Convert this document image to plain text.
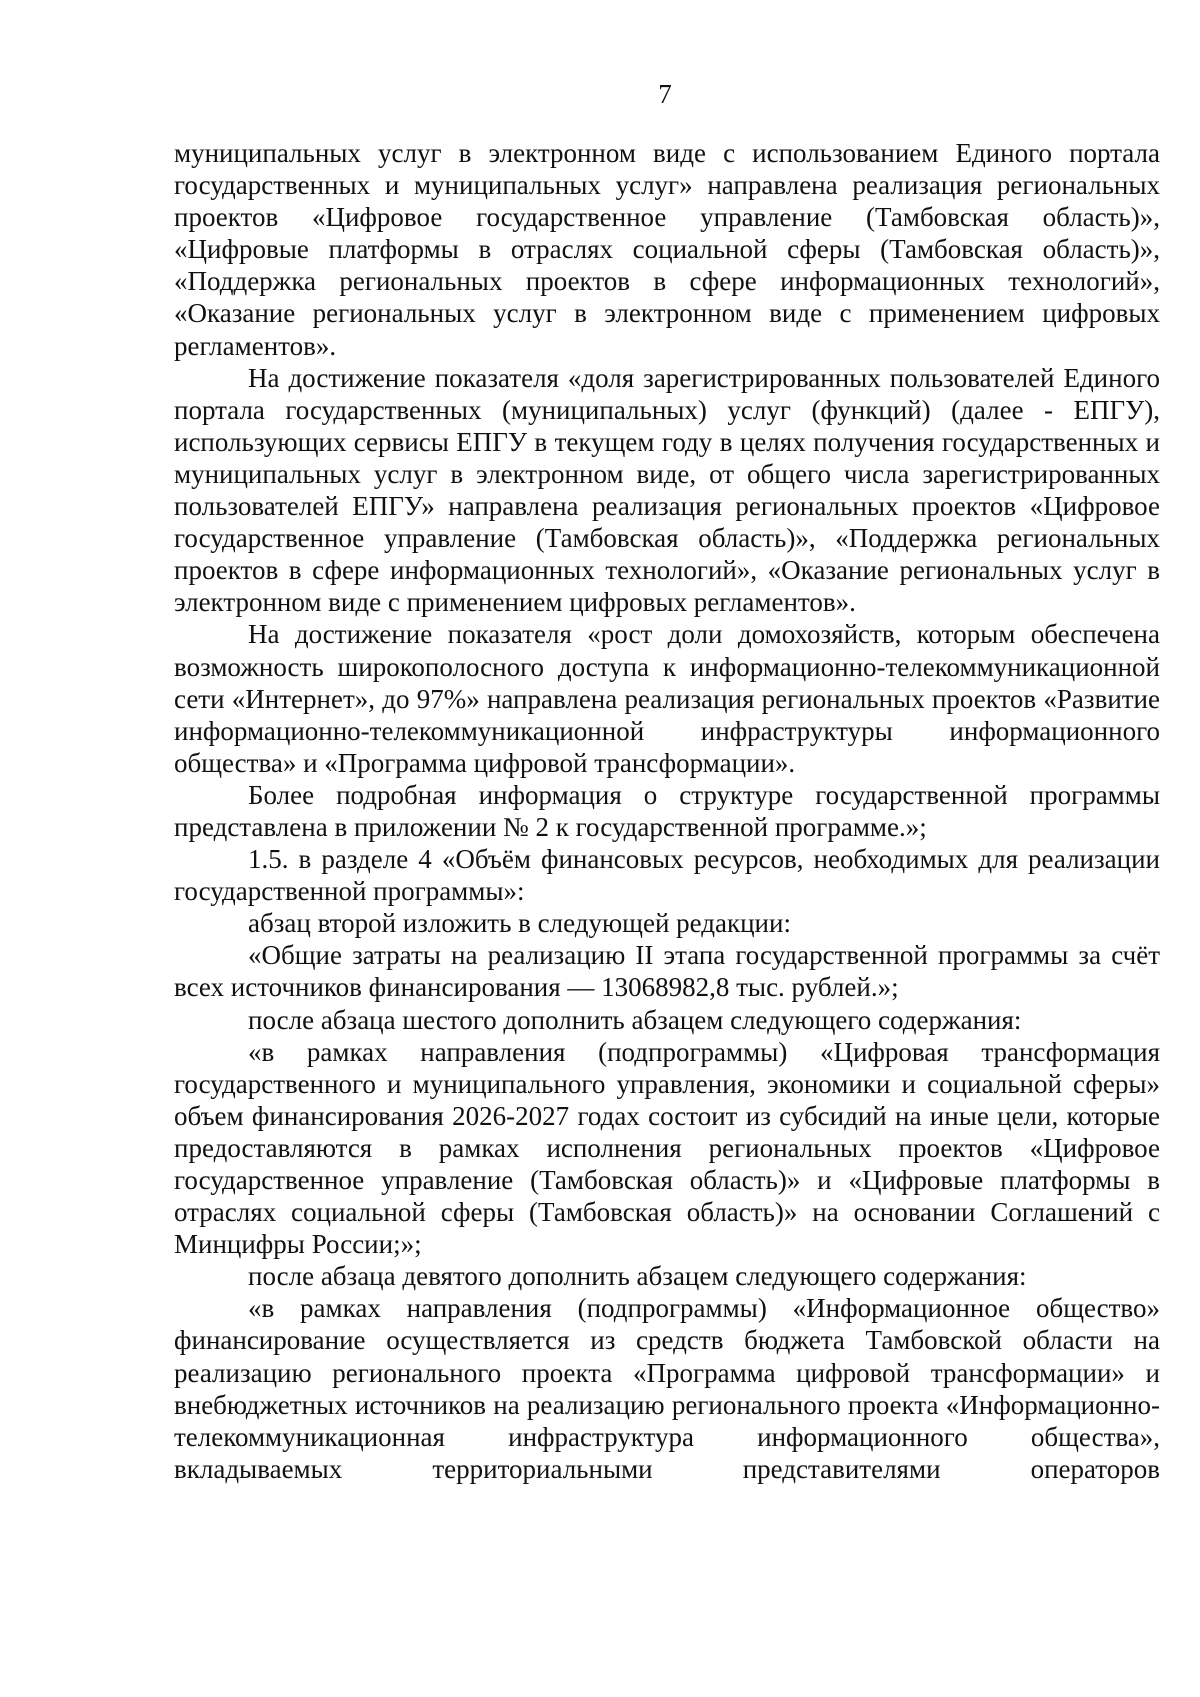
7

муниципальных услуг в электронном виде с использованием Единого портала государственных и муниципальных услуг» направлена реализация региональных проектов «Цифровое государственное управление (Тамбовская область)», «Цифровые платформы в отраслях социальной сферы (Тамбовская область)», «Поддержка региональных проектов в сфере информационных технологий», «Оказание региональных услуг в электронном виде с применением цифровых регламентов».

На достижение показателя «доля зарегистрированных пользователей Единого портала государственных (муниципальных) услуг (функций) (далее - ЕПГУ), использующих сервисы ЕПГУ в текущем году в целях получения государственных и муниципальных услуг в электронном виде, от общего числа зарегистрированных пользователей ЕПГУ» направлена реализация региональных проектов «Цифровое государственное управление (Тамбовская область)», «Поддержка региональных проектов в сфере информационных технологий», «Оказание региональных услуг в электронном виде с применением цифровых регламентов».

На достижение показателя «рост доли домохозяйств, которым обеспечена возможность широкополосного доступа к информационно-телекоммуникационной сети «Интернет», до 97%» направлена реализация региональных проектов «Развитие информационно-телекоммуникационной инфраструктуры информационного общества» и «Программа цифровой трансформации».

Более подробная информация о структуре государственной программы представлена в приложении № 2 к государственной программе.»;

1.5. в разделе 4 «Объём финансовых ресурсов, необходимых для реализации государственной программы»:

абзац второй изложить в следующей редакции:

«Общие затраты на реализацию II этапа государственной программы за счёт всех источников финансирования — 13068982,8 тыс. рублей.»;

после абзаца шестого дополнить абзацем следующего содержания:

«в рамках направления (подпрограммы) «Цифровая трансформация государственного и муниципального управления, экономики и социальной сферы» объем финансирования 2026-2027 годах состоит из субсидий на иные цели, которые предоставляются в рамках исполнения региональных проектов «Цифровое государственное управление (Тамбовская область)» и «Цифровые платформы в отраслях социальной сферы (Тамбовская область)» на основании Соглашений с Минцифры России;»;

после абзаца девятого дополнить абзацем следующего содержания:

«в рамках направления (подпрограммы) «Информационное общество» финансирование осуществляется из средств бюджета Тамбовской области на реализацию регионального проекта «Программа цифровой трансформации» и внебюджетных источников на реализацию регионального проекта «Информационно-телекоммуникационная инфраструктура информационного общества», вкладываемых территориальными представителями операторов
